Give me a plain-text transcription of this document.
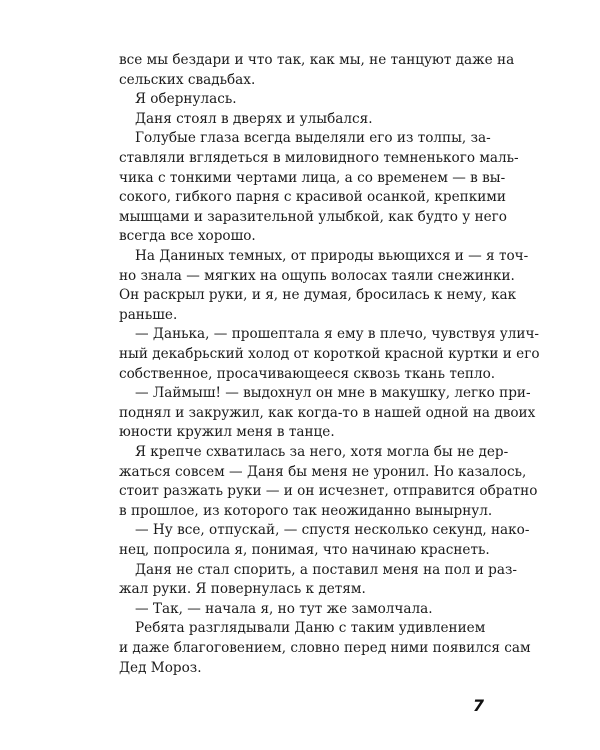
все мы бездари и что так, как мы, не танцуют даже на
сельских свадьбах.
Я обернулась.
Даня стоял в дверях и улыбался.
Голубые глаза всегда выделяли его из толпы, за-
ставляли вглядеться в миловидного темненького маль-
чика с тонкими чертами лица, а со временем — в вы-
сокого, гибкого парня с красивой осанкой, крепкими
мышцами и заразительной улыбкой, как будто у него
всегда все хорошо.
На Даниных темных, от природы вьющихся и — я точ-
но знала — мягких на ощупь волосах таяли снежинки.
Он раскрыл руки, и я, не думая, бросилась к нему, как
раньше.
— Данька, — прошептала я ему в плечо, чувствуя улич-
ный декабрьский холод от короткой красной куртки и его
собственное, просачивающееся сквозь ткань тепло.
— Лаймыш! — выдохнул он мне в макушку, легко при-
поднял и закружил, как когда-то в нашей одной на двоих
юности кружил меня в танце.
Я крепче схватилась за него, хотя могла бы не дер-
жаться совсем — Даня бы меня не уронил. Но казалось,
стоит разжать руки — и он исчезнет, отправится обратно
в прошлое, из которого так неожиданно вынырнул.
— Ну все, отпускай, — спустя несколько секунд, нако-
нец, попросила я, понимая, что начинаю краснеть.
Даня не стал спорить, а поставил меня на пол и раз-
жал руки. Я повернулась к детям.
— Так, — начала я, но тут же замолчала.
Ребята разглядывали Даню с таким удивлением
и даже благоговением, словно перед ними появился сам
Дед Мороз.
7
